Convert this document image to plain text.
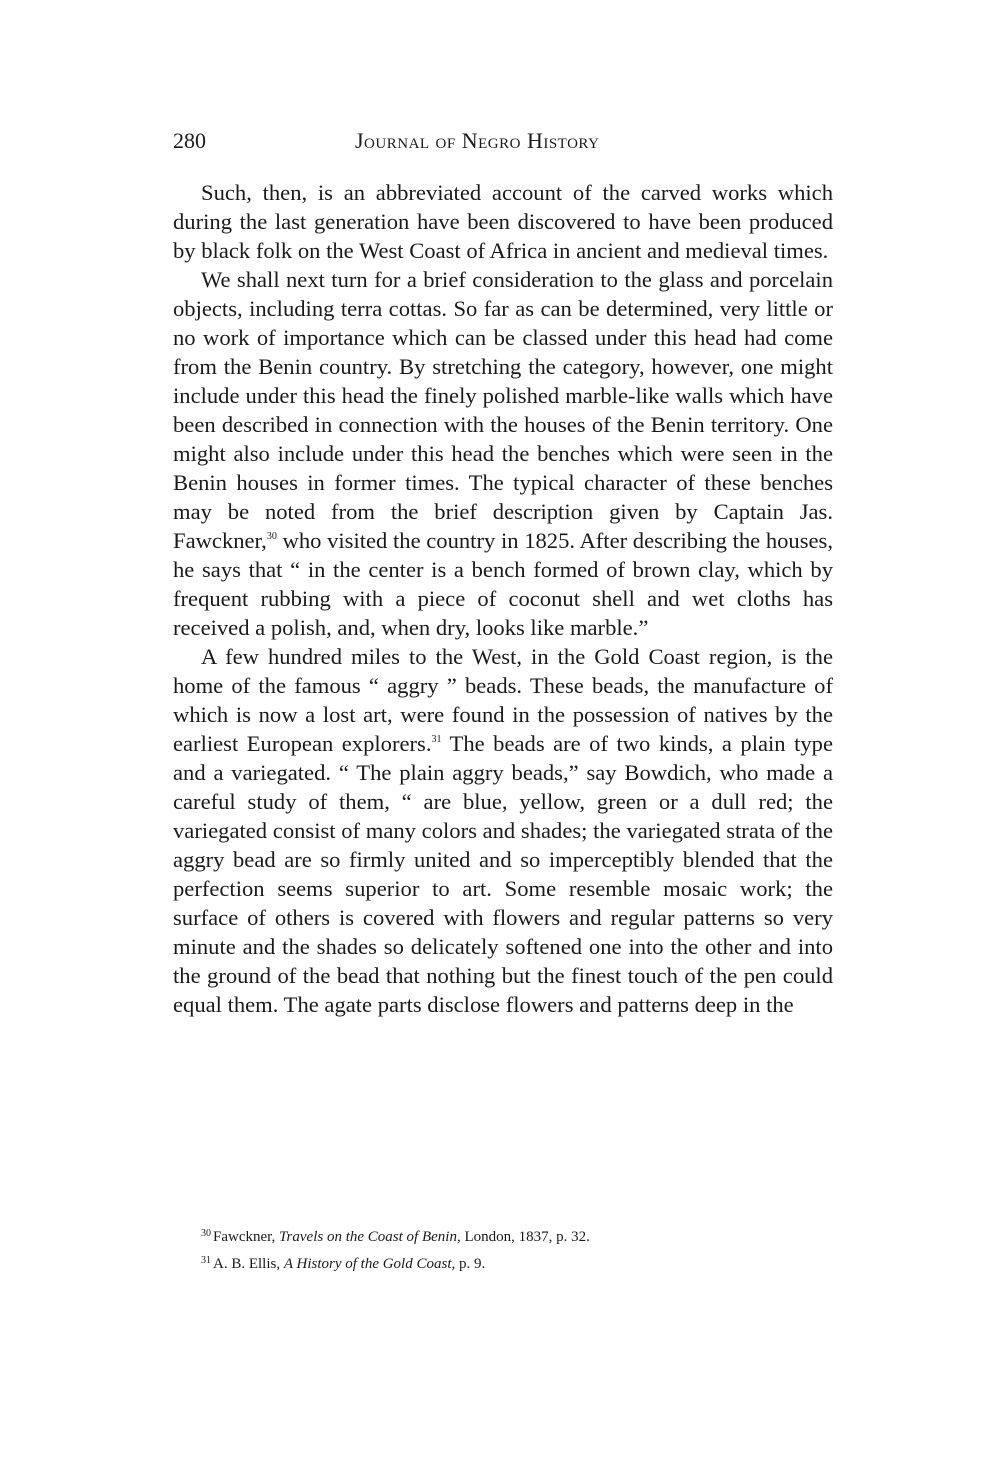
280	Journal of Negro History

Such, then, is an abbreviated account of the carved works which during the last generation have been discovered to have been produced by black folk on the West Coast of Africa in ancient and medieval times.

We shall next turn for a brief consideration to the glass and porcelain objects, including terra cottas. So far as can be determined, very little or no work of importance which can be classed under this head had come from the Benin country. By stretching the category, however, one might include under this head the finely polished marble-like walls which have been described in connection with the houses of the Benin territory. One might also include under this head the benches which were seen in the Benin houses in former times. The typical character of these benches may be noted from the brief description given by Captain Jas. Fawckner,$^{30}$ who visited the country in 1825. After describing the houses, he says that “ in the center is a bench formed of brown clay, which by frequent rubbing with a piece of coconut shell and wet cloths has received a polish, and, when dry, looks like marble.”

A few hundred miles to the West, in the Gold Coast region, is the home of the famous “ aggry ” beads. These beads, the manufacture of which is now a lost art, were found in the possession of natives by the earliest European explorers.$^{31}$ The beads are of two kinds, a plain type and a variegated. “ The plain aggry beads,” say Bowdich, who made a careful study of them, “ are blue, yellow, green or a dull red; the variegated consist of many colors and shades; the variegated strata of the aggry bead are so firmly united and so imperceptibly blended that the perfection seems superior to art. Some resemble mosaic work; the surface of others is covered with flowers and regular patterns so very minute and the shades so delicately softened one into the other and into the ground of the bead that nothing but the finest touch of the pen could equal them. The agate parts disclose flowers and patterns deep in the

$^{30}$ Fawckner, Travels on the Coast of Benin, London, 1837, p. 32.
$^{31}$ A. B. Ellis, A History of the Gold Coast, p. 9.
